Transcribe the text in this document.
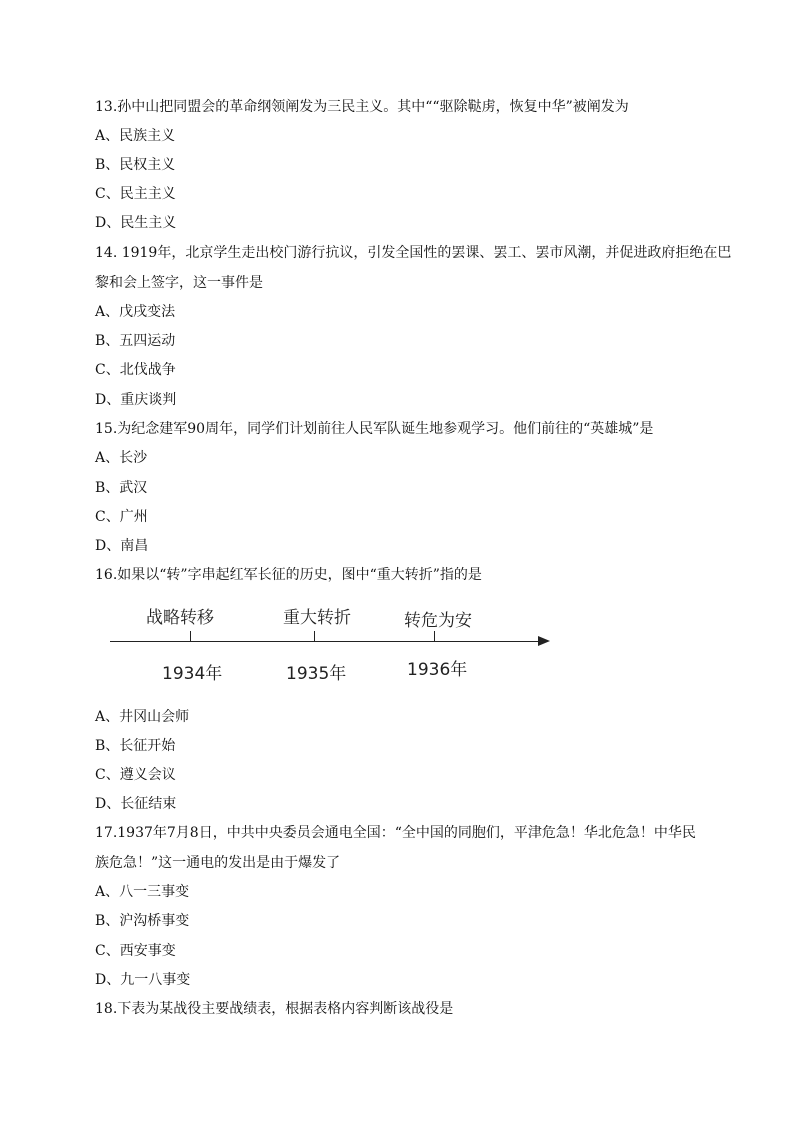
13.孙中山把同盟会的革命纲领阐发为三民主义。其中““驱除鞑虏，恢复中华”被阐发为
A、民族主义
B、民权主义
C、民主主义
D、民生主义
14. 1919年，北京学生走出校门游行抗议，引发全国性的罢课、罢工、罢市风潮，并促进政府拒绝在巴
黎和会上签字，这一事件是
A、戊戌变法
B、五四运动
C、北伐战争
D、重庆谈判
15.为纪念建军90周年，同学们计划前往人民军队诞生地参观学习。他们前往的“英雄城”是
A、长沙
B、武汉
C、广州
D、南昌
16.如果以“转”字串起红军长征的历史，图中“重大转折”指的是
战略转移	重大转折	转危为安
1934年	1935年	1936年
A、井冈山会师
B、长征开始
C、遵义会议
D、长征结束
17.1937年7月8日，中共中央委员会通电全国：“全中国的同胞们，平津危急！华北危急！中华民
族危急！”这一通电的发出是由于爆发了
A、八一三事变
B、沪沟桥事变
C、西安事变
D、九一八事变
18.下表为某战役主要战绩表，根据表格内容判断该战役是
